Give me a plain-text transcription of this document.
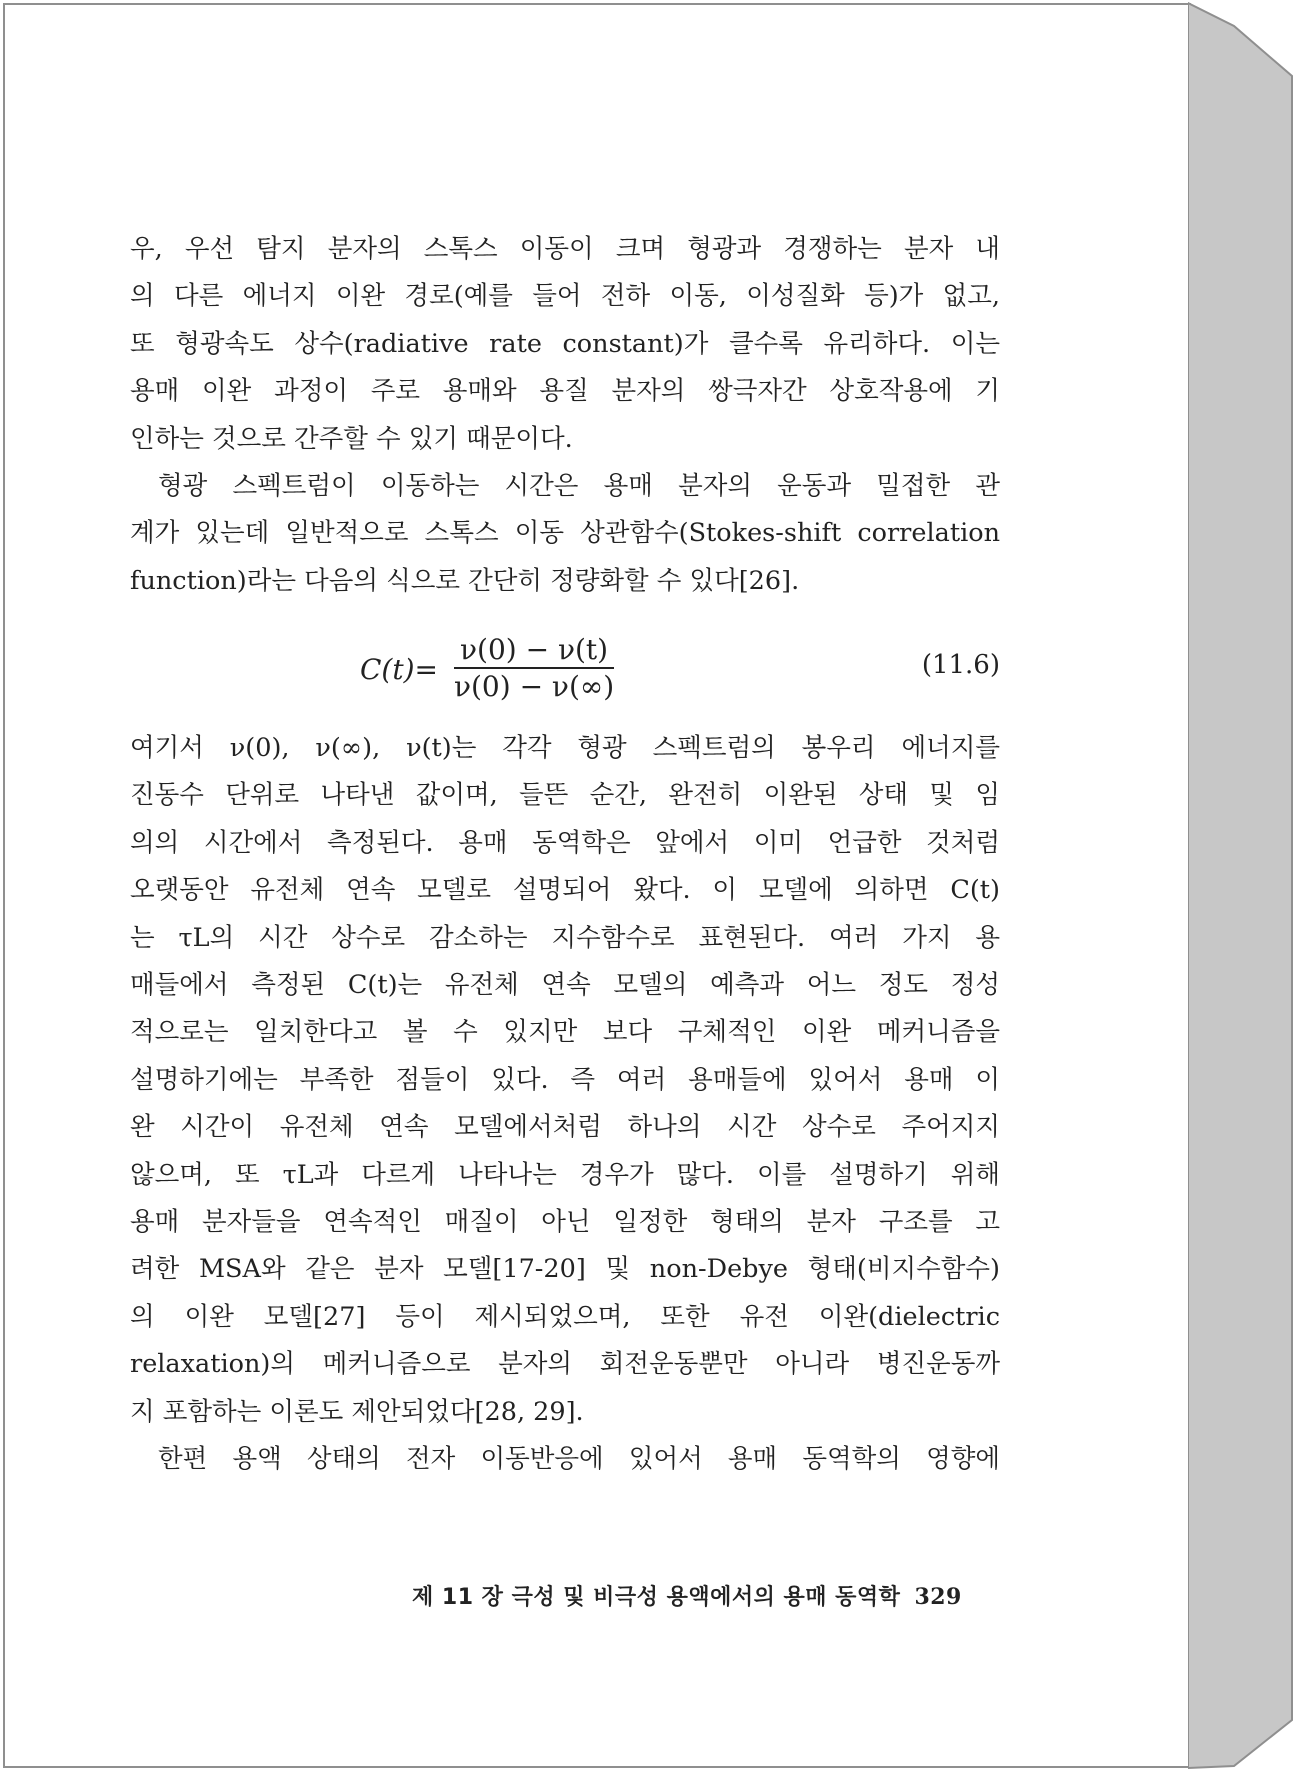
우, 우선 탐지 분자의 스톡스 이동이 크며 형광과 경쟁하는 분자 내

의 다른 에너지 이완 경로(예를 들어 전하 이동, 이성질화 등)가 없고,

또 형광속도 상수(radiative rate constant)가 클수록 유리하다. 이는

용매 이완 과정이 주로 용매와 용질 분자의 쌍극자간 상호작용에 기

인하는 것으로 간주할 수 있기 때문이다.

형광 스펙트럼이 이동하는 시간은 용매 분자의 운동과 밀접한 관

계가 있는데 일반적으로 스톡스 이동 상관함수(Stokes-shift correlation

function)라는 다음의 식으로 간단히 정량화할 수 있다[26].

$C(t)= \frac{\nu(0) - \nu(t)}{\nu(0) - \nu(\infty)}$	(11.6)

여기서 ν(0), ν(∞), ν(t)는 각각 형광 스펙트럼의 봉우리 에너지를

진동수 단위로 나타낸 값이며, 들뜬 순간, 완전히 이완된 상태 및 임

의의 시간에서 측정된다. 용매 동역학은 앞에서 이미 언급한 것처럼

오랫동안 유전체 연속 모델로 설명되어 왔다. 이 모델에 의하면 C(t)

는 τL의 시간 상수로 감소하는 지수함수로 표현된다. 여러 가지 용

매들에서 측정된 C(t)는 유전체 연속 모델의 예측과 어느 정도 정성

적으로는 일치한다고 볼 수 있지만 보다 구체적인 이완 메커니즘을

설명하기에는 부족한 점들이 있다. 즉 여러 용매들에 있어서 용매 이

완 시간이 유전체 연속 모델에서처럼 하나의 시간 상수로 주어지지

않으며, 또 τL과 다르게 나타나는 경우가 많다. 이를 설명하기 위해

용매 분자들을 연속적인 매질이 아닌 일정한 형태의 분자 구조를 고

려한 MSA와 같은 분자 모델[17-20] 및 non-Debye 형태(비지수함수)

의 이완 모델[27] 등이 제시되었으며, 또한 유전 이완(dielectric

relaxation)의 메커니즘으로 분자의 회전운동뿐만 아니라 병진운동까

지 포함하는 이론도 제안되었다[28, 29].

한편 용액 상태의 전자 이동반응에 있어서 용매 동역학의 영향에

제 11 장 극성 및 비극성 용액에서의 용매 동역학 329
